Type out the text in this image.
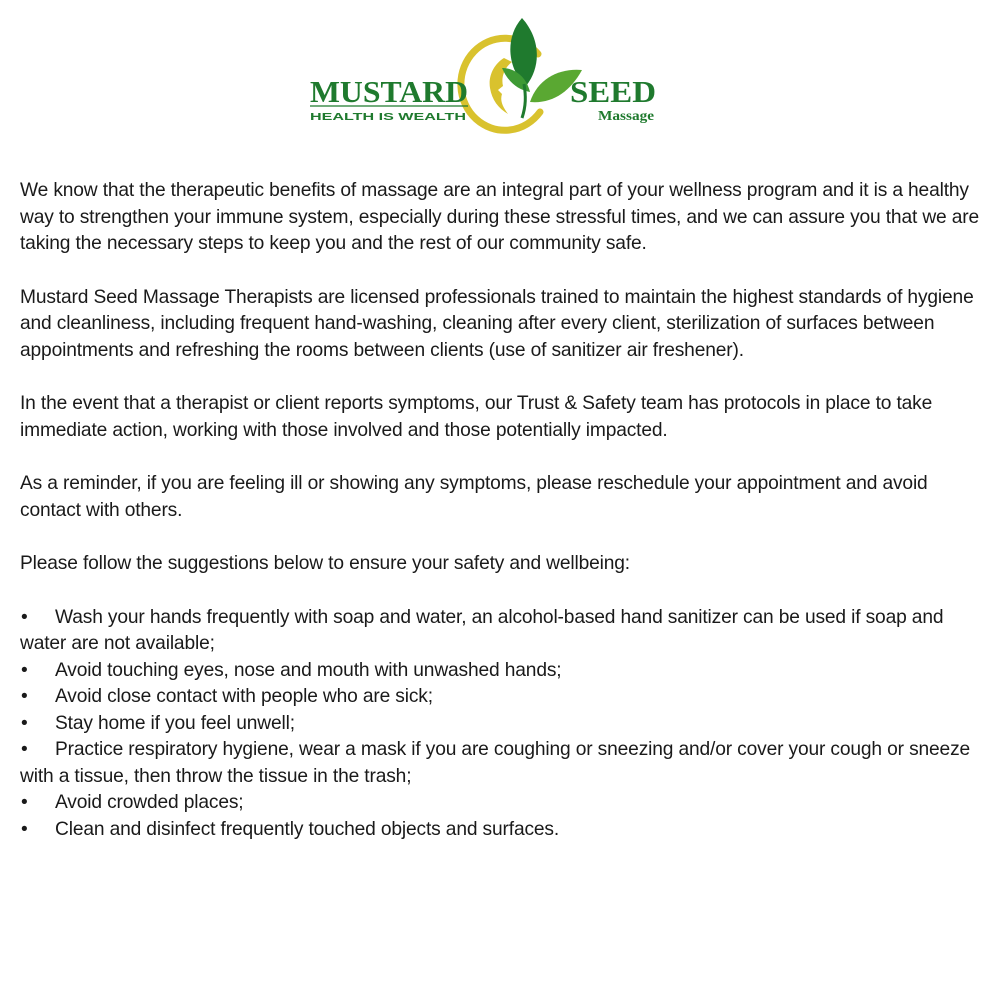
MUSTARD
HEALTH IS WEALTH
SEED
Massage

We know that the therapeutic benefits of massage are an integral part of your wellness program and it is a healthy way to strengthen your immune system, especially during these stressful times, and we can assure you that we are taking the necessary steps to keep you and the rest of our community safe.

Mustard Seed Massage Therapists are licensed professionals trained to maintain the highest standards of hygiene and cleanliness, including frequent hand-washing, cleaning after every client, sterilization of surfaces between appointments and refreshing the rooms between clients (use of sanitizer air freshener).

In the event that a therapist or client reports symptoms, our Trust & Safety team has protocols in place to take immediate action, working with those involved and those potentially impacted.

As a reminder, if you are feeling ill or showing any symptoms, please reschedule your appointment and avoid contact with others.

Please follow the suggestions below to ensure your safety and wellbeing:

• Wash your hands frequently with soap and water, an alcohol-based hand sanitizer can be used if soap and water are not available;
• Avoid touching eyes, nose and mouth with unwashed hands;
• Avoid close contact with people who are sick;
• Stay home if you feel unwell;
• Practice respiratory hygiene, wear a mask if you are coughing or sneezing and/or cover your cough or sneeze with a tissue, then throw the tissue in the trash;
• Avoid crowded places;
• Clean and disinfect frequently touched objects and surfaces.
